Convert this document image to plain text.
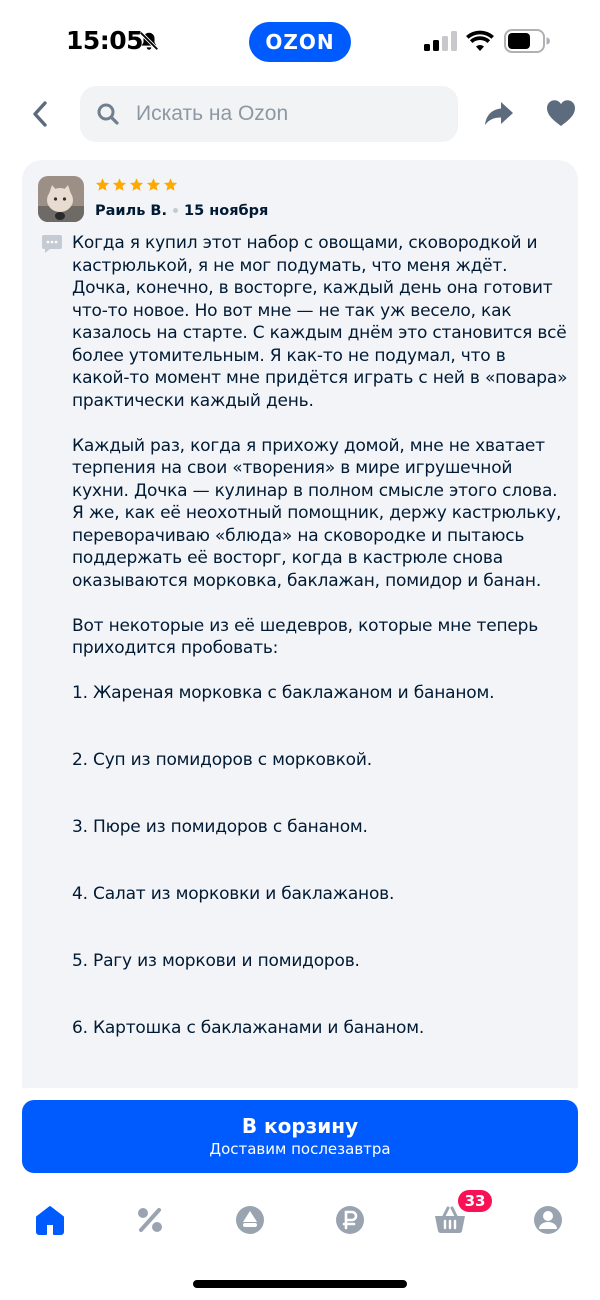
15:05	OZON
Искать на Ozon
Раиль В. 15 ноября

Когда я купил этот набор с овощами, сковородкой и кастрюлькой, я не мог подумать, что меня ждёт. Дочка, конечно, в восторге, каждый день она готовит что-то новое. Но вот мне — не так уж весело, как казалось на старте. С каждым днём это становится всё более утомительным. Я как-то не подумал, что в какой-то момент мне придётся играть с ней в «повара» практически каждый день.

Каждый раз, когда я прихожу домой, мне не хватает терпения на свои «творения» в мире игрушечной кухни. Дочка — кулинар в полном смысле этого слова. Я же, как её неохотный помощник, держу кастрюльку, переворачиваю «блюда» на сковородке и пытаюсь поддержать её восторг, когда в кастрюле снова оказываются морковка, баклажан, помидор и банан.

Вот некоторые из её шедевров, которые мне теперь приходится пробовать:

1. Жареная морковка с баклажаном и бананом.

2. Суп из помидоров с морковкой.

3. Пюре из помидоров с бананом.

4. Салат из морковки и баклажанов.

5. Рагу из моркови и помидоров.

6. Картошка с баклажанами и бананом.

В корзину
Доставим послезавтра
33
